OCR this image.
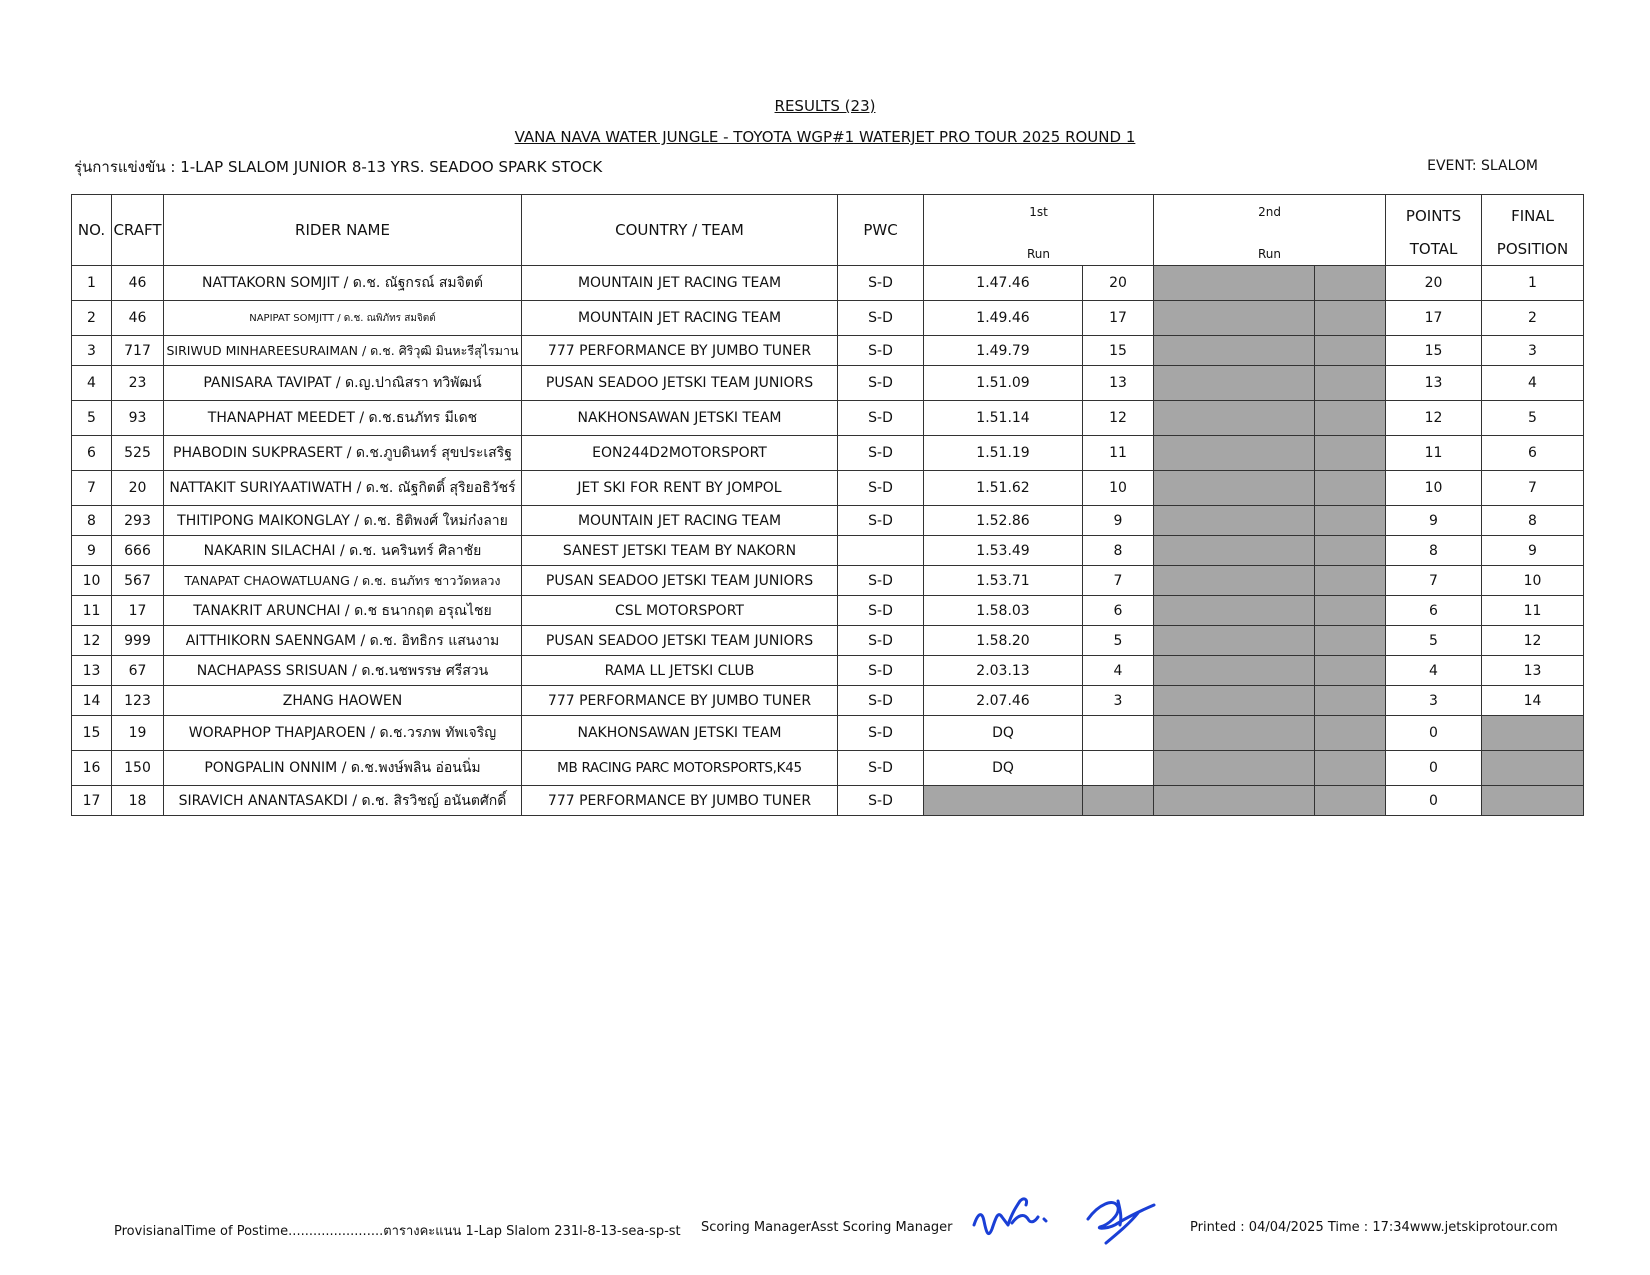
RESULTS (23)
VANA NAVA WATER JUNGLE - TOYOTA WGP#1 WATERJET PRO TOUR 2025 ROUND 1
รุ่นการแข่งขัน : 1-LAP SLALOM JUNIOR 8-13 YRS. SEADOO SPARK STOCK	EVENT: SLALOM
NO.	CRAFT	RIDER NAME	COUNTRY / TEAM	PWC	1st		2nd		POINTS	FINAL
					Run		Run		TOTAL	POSITION
1	46	NATTAKORN SOMJIT / ด.ช. ณัฐกรณ์ สมจิตต์	MOUNTAIN JET RACING TEAM	S-D	1.47.46	20			20	1
2	46	NAPIPAT SOMJITT / ด.ช. ณพิภัทร สมจิตต์	MOUNTAIN JET RACING TEAM	S-D	1.49.46	17			17	2
3	717	SIRIWUD MINHAREESURAIMAN / ด.ช. ศิริวุฒิ มินหะรีสุไรมาน	777 PERFORMANCE BY JUMBO TUNER	S-D	1.49.79	15			15	3
4	23	PANISARA TAVIPAT / ด.ญ.ปาณิสรา ทวิพัฒน์	PUSAN SEADOO JETSKI TEAM JUNIORS	S-D	1.51.09	13			13	4
5	93	THANAPHAT MEEDET / ด.ช.ธนภัทร มีเดช	NAKHONSAWAN JETSKI TEAM	S-D	1.51.14	12			12	5
6	525	PHABODIN SUKPRASERT / ด.ช.ภูบดินทร์ สุขประเสริฐ	EON244D2MOTORSPORT	S-D	1.51.19	11			11	6
7	20	NATTAKIT SURIYAATIWATH / ด.ช. ณัฐกิตติ์ สุริยอธิวัชร์	JET SKI FOR RENT BY JOMPOL	S-D	1.51.62	10			10	7
8	293	THITIPONG MAIKONGLAY / ด.ช. ธิติพงศ์ ใหม่ก๋งลาย	MOUNTAIN JET RACING TEAM	S-D	1.52.86	9			9	8
9	666	NAKARIN SILACHAI / ด.ช. นครินทร์ ศิลาชัย	SANEST JETSKI TEAM BY NAKORN		1.53.49	8			8	9
10	567	TANAPAT CHAOWATLUANG / ด.ช. ธนภัทร ชาววัดหลวง	PUSAN SEADOO JETSKI TEAM JUNIORS	S-D	1.53.71	7			7	10
11	17	TANAKRIT ARUNCHAI / ด.ช ธนากฤต อรุณไชย	CSL MOTORSPORT	S-D	1.58.03	6			6	11
12	999	AITTHIKORN SAENNGAM / ด.ช. อิทธิกร แสนงาม	PUSAN SEADOO JETSKI TEAM JUNIORS	S-D	1.58.20	5			5	12
13	67	NACHAPASS SRISUAN / ด.ช.นชพรรษ ศรีสวน	RAMA LL JETSKI CLUB	S-D	2.03.13	4			4	13
14	123	ZHANG HAOWEN	777 PERFORMANCE BY JUMBO TUNER	S-D	2.07.46	3			3	14
15	19	WORAPHOP THAPJAROEN / ด.ช.วรภพ ทัพเจริญ	NAKHONSAWAN JETSKI TEAM	S-D	DQ				0	
16	150	PONGPALIN ONNIM / ด.ช.พงษ์พลิน อ่อนนิ่ม	MB RACING PARC MOTORSPORTS,K45	S-D	DQ				0	
17	18	SIRAVICH ANANTASAKDI / ด.ช. สิรวิชญ์ อนันตศักดิ์	777 PERFORMANCE BY JUMBO TUNER	S-D					0	
ProvisianalTime of Postime.......................ตารางคะแนน 1-Lap Slalom 231l-8-13-sea-sp-st Scoring ManagerAsst Scoring Manager	Printed : 04/04/2025 Time : 17:34www.jetskiprotour.com
